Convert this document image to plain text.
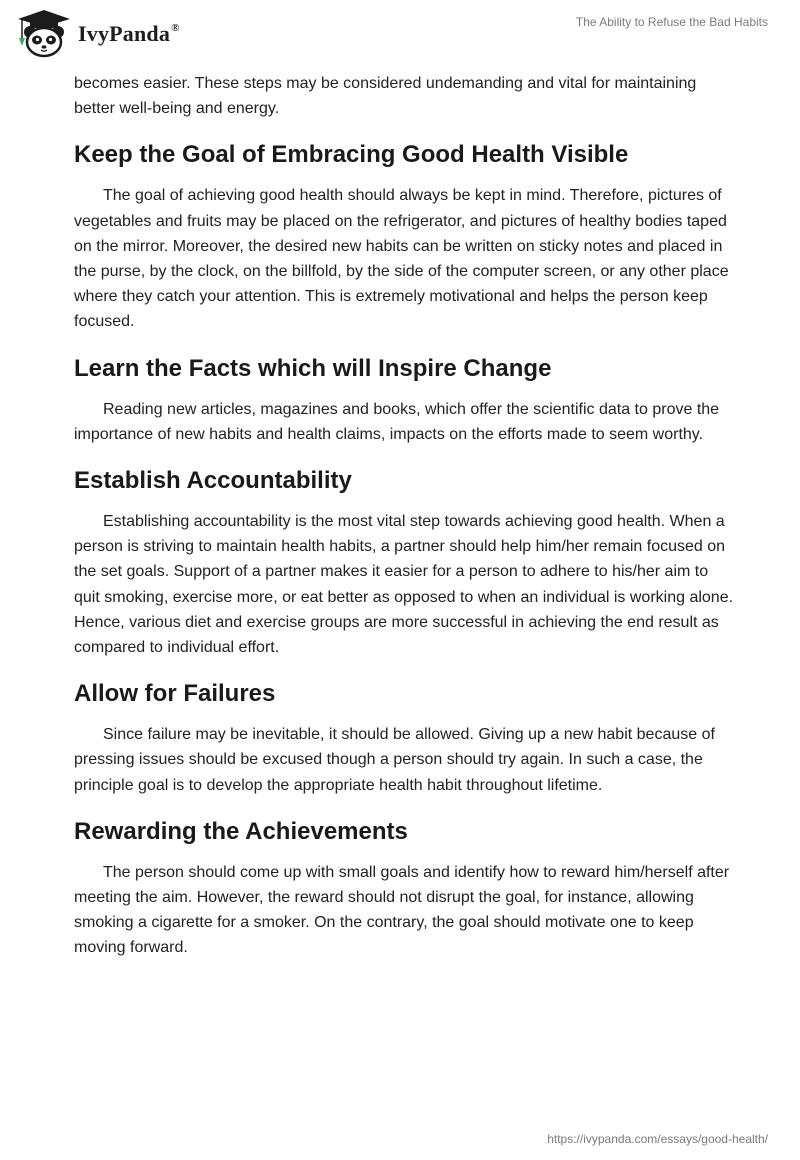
IvyPanda®	The Ability to Refuse the Bad Habits

becomes easier. These steps may be considered undemanding and vital for maintaining better well-being and energy.

Keep the Goal of Embracing Good Health Visible

The goal of achieving good health should always be kept in mind. Therefore, pictures of vegetables and fruits may be placed on the refrigerator, and pictures of healthy bodies taped on the mirror. Moreover, the desired new habits can be written on sticky notes and placed in the purse, by the clock, on the billfold, by the side of the computer screen, or any other place where they catch your attention. This is extremely motivational and helps the person keep focused.

Learn the Facts which will Inspire Change

Reading new articles, magazines and books, which offer the scientific data to prove the importance of new habits and health claims, impacts on the efforts made to seem worthy.

Establish Accountability

Establishing accountability is the most vital step towards achieving good health. When a person is striving to maintain health habits, a partner should help him/her remain focused on the set goals. Support of a partner makes it easier for a person to adhere to his/her aim to quit smoking, exercise more, or eat better as opposed to when an individual is working alone. Hence, various diet and exercise groups are more successful in achieving the end result as compared to individual effort.

Allow for Failures

Since failure may be inevitable, it should be allowed. Giving up a new habit because of pressing issues should be excused though a person should try again. In such a case, the principle goal is to develop the appropriate health habit throughout lifetime.

Rewarding the Achievements

The person should come up with small goals and identify how to reward him/herself after meeting the aim. However, the reward should not disrupt the goal, for instance, allowing smoking a cigarette for a smoker. On the contrary, the goal should motivate one to keep moving forward.

https://ivypanda.com/essays/good-health/
